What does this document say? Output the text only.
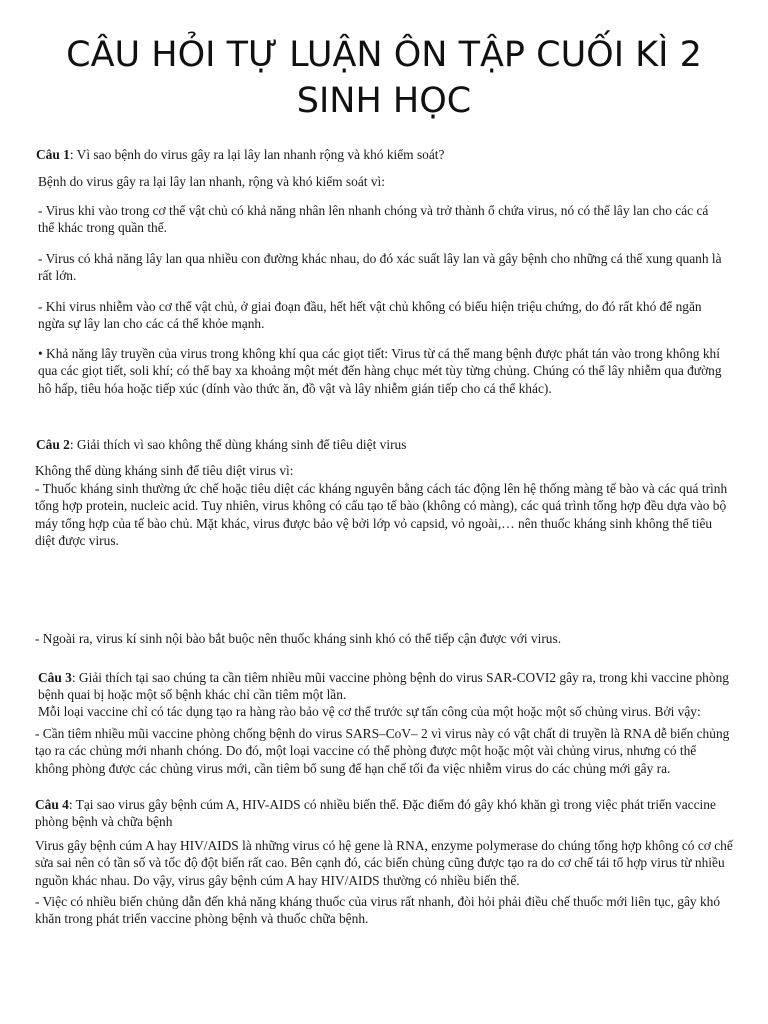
CÂU HỎI TỰ LUẬN ÔN TẬP CUỐI KÌ 2
SINH HỌC

Câu 1: Vì sao bệnh do virus gây ra lại lây lan nhanh rộng và khó kiểm soát?

Bệnh do virus gây ra lại lây lan nhanh, rộng và khó kiểm soát vì:

- Virus khi vào trong cơ thể vật chủ có khả năng nhân lên nhanh chóng và trở thành ổ chứa virus, nó có thể lây lan cho các cá thể khác trong quần thể.

- Virus có khả năng lây lan qua nhiều con đường khác nhau, do đó xác suất lây lan và gây bệnh cho những cá thể xung quanh là rất lớn.

- Khi virus nhiễm vào cơ thể vật chủ, ở giai đoạn đầu, hết hết vật chủ không có biểu hiện triệu chứng, do đó rất khó để ngăn ngừa sự lây lan cho các cá thể khỏe mạnh.

• Khả năng lây truyền của virus trong không khí qua các giọt tiết: Virus từ cá thể mang bệnh được phát tán vào trong không khí qua các giọt tiết, soli khí; có thể bay xa khoảng một mét đến hàng chục mét tùy từng chủng. Chúng có thể lây nhiễm qua đường hô hấp, tiêu hóa hoặc tiếp xúc (dính vào thức ăn, đồ vật và lây nhiễm gián tiếp cho cá thể khác).

Câu 2: Giải thích vì sao không thể dùng kháng sinh để tiêu diệt virus

Không thể dùng kháng sinh để tiêu diệt virus vì:

- Thuốc kháng sinh thường ức chế hoặc tiêu diệt các kháng nguyên bằng cách tác động lên hệ thống màng tế bào và các quá trình tổng hợp protein, nucleic acid. Tuy nhiên, virus không có cấu tạo tế bào (không có màng), các quá trình tổng hợp đều dựa vào bộ máy tổng hợp của tế bào chủ. Mặt khác, virus được bảo vệ bởi lớp vỏ capsid, vỏ ngoài,… nên thuốc kháng sinh không thể tiêu diệt được virus.

- Ngoài ra, virus kí sinh nội bào bắt buộc nên thuốc kháng sinh khó có thể tiếp cận được với virus.

Câu 3: Giải thích tại sao chúng ta cần tiêm nhiều mũi vaccine phòng bệnh do virus SAR-COVI2 gây ra, trong khi vaccine phòng bệnh quai bị hoặc một số bệnh khác chỉ cần tiêm một lần.

Mỗi loại vaccine chỉ có tác dụng tạo ra hàng rào bảo vệ cơ thể trước sự tấn công của một hoặc một số chủng virus. Bởi vậy:

- Cần tiêm nhiều mũi vaccine phòng chống bệnh do virus SARS–CoV– 2 vì virus này có vật chất di truyền là RNA dễ biến chủng tạo ra các chủng mới nhanh chóng. Do đó, một loại vaccine có thể phòng được một hoặc một vài chủng virus, nhưng có thể không phòng được các chủng virus mới, cần tiêm bổ sung để hạn chế tối đa việc nhiễm virus do các chủng mới gây ra.

Câu 4: Tại sao virus gây bệnh cúm A, HIV-AIDS có nhiều biến thể. Đặc điểm đó gây khó khăn gì trong việc phát triển vaccine phòng bệnh và chữa bệnh

Virus gây bệnh cúm A hay HIV/AIDS là những virus có hệ gene là RNA, enzyme polymerase do chúng tổng hợp không có cơ chế sửa sai nên có tần số và tốc độ đột biến rất cao. Bên cạnh đó, các biến chủng cũng được tạo ra do cơ chế tái tổ hợp virus từ nhiều nguồn khác nhau. Do vậy, virus gây bệnh cúm A hay HIV/AIDS thường có nhiều biến thể.

- Việc có nhiều biến chủng dẫn đến khả năng kháng thuốc của virus rất nhanh, đòi hỏi phải điều chế thuốc mới liên tục, gây khó khăn trong phát triển vaccine phòng bệnh và thuốc chữa bệnh.
